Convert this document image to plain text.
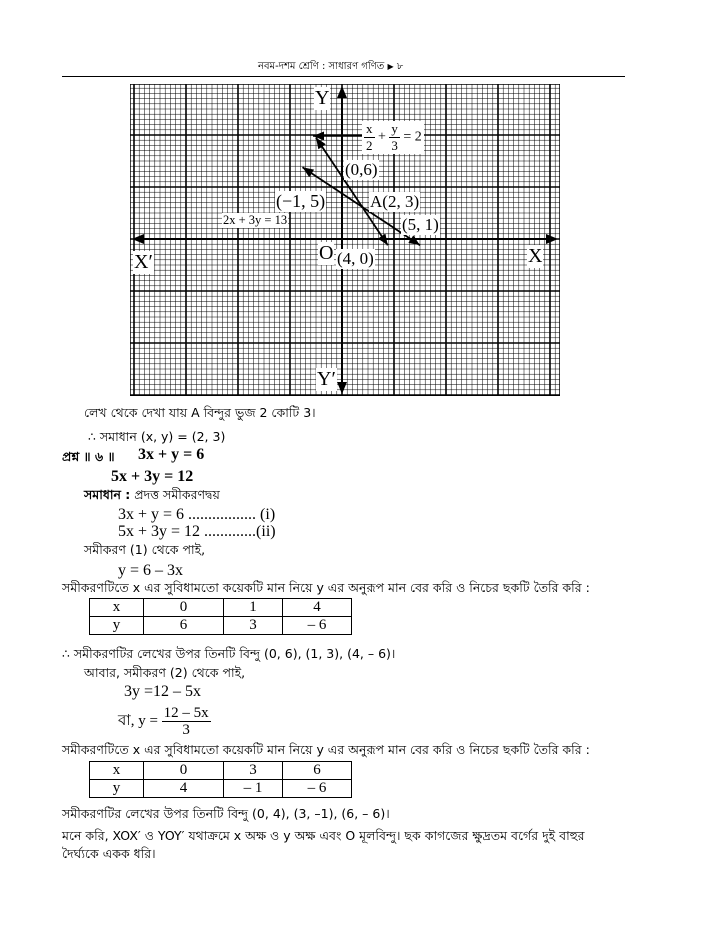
নবম-দশম শ্রেণি : সাধারণ গণিত ▶ ৮
Y
Y′
X
X′	O
$\frac{x}{2} + \frac{y}{3} = 2$
(0,6)
(−1, 5)	A(2, 3)
2x + 3y = 13	(5, 1)
(4, 0)
লেখ থেকে দেখা যায় A বিন্দুর ভুজ 2 কোটি 3।
∴ সমাধান (x, y) = (2, 3)
প্রশ্ন ॥ ৬ ॥ 3x + y = 6
5x + 3y = 12
সমাধান : প্রদত্ত সমীকরণদ্বয়
3x + y = 6 ................. (i)
5x + 3y = 12 .............(ii)
সমীকরণ (1) থেকে পাই,
y = 6 – 3x
সমীকরণটিতে x এর সুবিধামতো কয়েকটি মান নিয়ে y এর অনুরূপ মান বের করি ও নিচের ছকটি তৈরি করি :
x	0	1	4
y	6	3	– 6
∴ সমীকরণটির লেখের উপর তিনটি বিন্দু (0, 6), (1, 3), (4, – 6)।
আবার, সমীকরণ (2) থেকে পাই,
3y =12 – 5x
বা, $y = \frac{12 - 5x}{3}$
সমীকরণটিতে x এর সুবিধামতো কয়েকটি মান নিয়ে y এর অনুরূপ মান বের করি ও নিচের ছকটি তৈরি করি :
x	0	3	6
y	4	– 1	– 6
সমীকরণটির লেখের উপর তিনটি বিন্দু (0, 4), (3, –1), (6, – 6)।
মনে করি, XOX′ ও YOY′ যথাক্রমে x অক্ষ ও y অক্ষ এবং O মূলবিন্দু। ছক কাগজের ক্ষুদ্রতম বর্গের দুই বাহুর
দৈর্ঘ্যকে একক ধরি।
